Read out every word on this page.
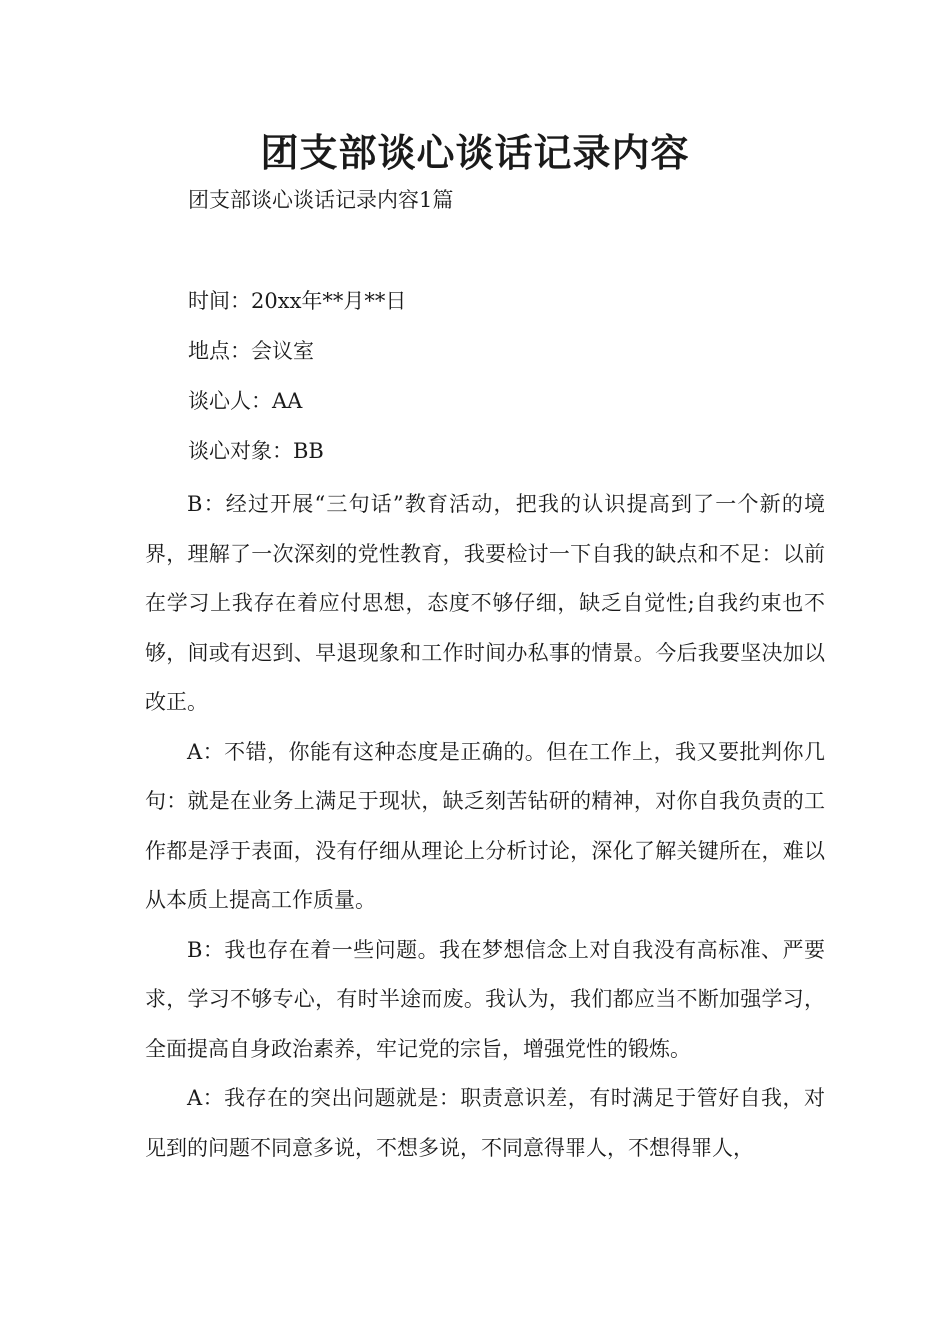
团支部谈心谈话记录内容
团支部谈心谈话记录内容1篇
时间：20xx年**月**日
地点：会议室
谈心人：AA
谈心对象：BB

B：经过开展“三句话”教育活动，把我的认识提高到了一个新的境界，理解了一次深刻的党性教育，我要检讨一下自我的缺点和不足：以前在学习上我存在着应付思想，态度不够仔细，缺乏自觉性;自我约束也不够，间或有迟到、早退现象和工作时间办私事的情景。今后我要坚决加以改正。

A：不错，你能有这种态度是正确的。但在工作上，我又要批判你几句：就是在业务上满足于现状，缺乏刻苦钻研的精神，对你自我负责的工作都是浮于表面，没有仔细从理论上分析讨论，深化了解关键所在，难以从本质上提高工作质量。

B：我也存在着一些问题。我在梦想信念上对自我没有高标准、严要求，学习不够专心，有时半途而废。我认为，我们都应当不断加强学习，全面提高自身政治素养，牢记党的宗旨，增强党性的锻炼。

A：我存在的突出问题就是：职责意识差，有时满足于管好自我，对见到的问题不同意多说，不想多说，不同意得罪人，不想得罪人，
